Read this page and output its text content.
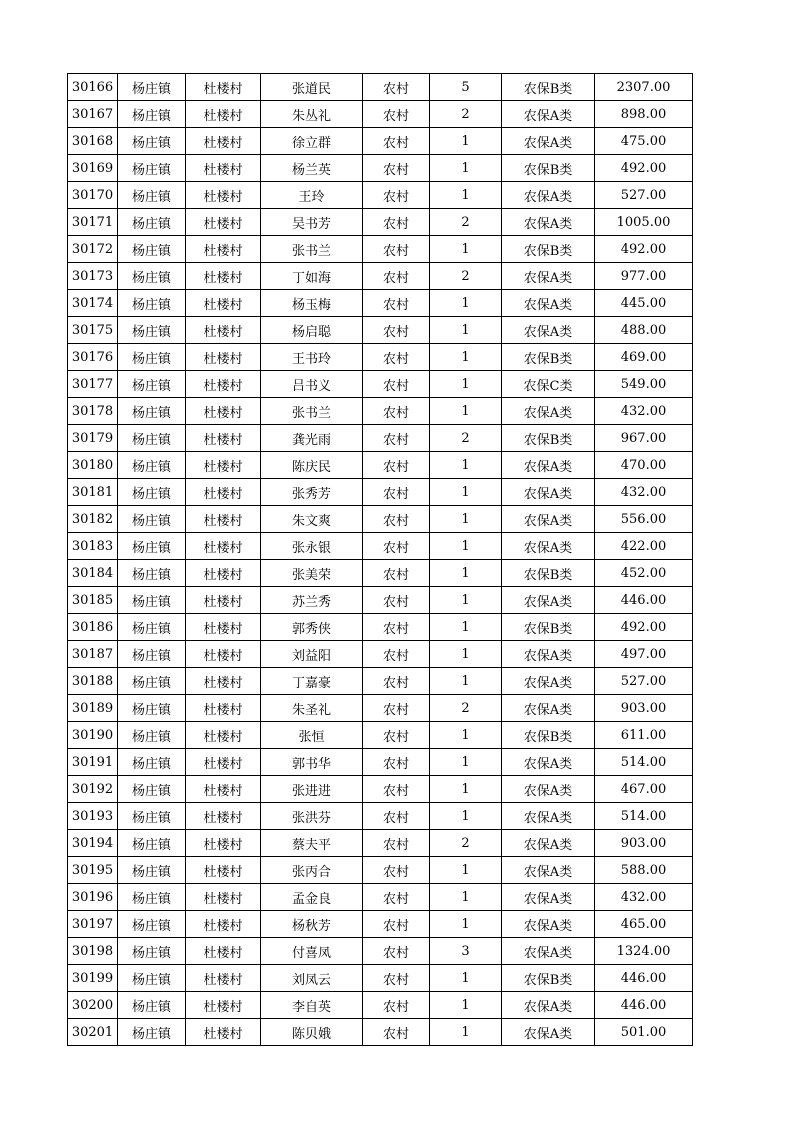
30166	杨庄镇	杜楼村	张道民	农村	5	农保B类	2307.00
30167	杨庄镇	杜楼村	朱丛礼	农村	2	农保A类	898.00
30168	杨庄镇	杜楼村	徐立群	农村	1	农保A类	475.00
30169	杨庄镇	杜楼村	杨兰英	农村	1	农保B类	492.00
30170	杨庄镇	杜楼村	王玲	农村	1	农保A类	527.00
30171	杨庄镇	杜楼村	吴书芳	农村	2	农保A类	1005.00
30172	杨庄镇	杜楼村	张书兰	农村	1	农保B类	492.00
30173	杨庄镇	杜楼村	丁如海	农村	2	农保A类	977.00
30174	杨庄镇	杜楼村	杨玉梅	农村	1	农保A类	445.00
30175	杨庄镇	杜楼村	杨启聪	农村	1	农保A类	488.00
30176	杨庄镇	杜楼村	王书玲	农村	1	农保B类	469.00
30177	杨庄镇	杜楼村	吕书义	农村	1	农保C类	549.00
30178	杨庄镇	杜楼村	张书兰	农村	1	农保A类	432.00
30179	杨庄镇	杜楼村	龚光雨	农村	2	农保B类	967.00
30180	杨庄镇	杜楼村	陈庆民	农村	1	农保A类	470.00
30181	杨庄镇	杜楼村	张秀芳	农村	1	农保A类	432.00
30182	杨庄镇	杜楼村	朱文爽	农村	1	农保A类	556.00
30183	杨庄镇	杜楼村	张永银	农村	1	农保A类	422.00
30184	杨庄镇	杜楼村	张美荣	农村	1	农保B类	452.00
30185	杨庄镇	杜楼村	苏兰秀	农村	1	农保A类	446.00
30186	杨庄镇	杜楼村	郭秀侠	农村	1	农保B类	492.00
30187	杨庄镇	杜楼村	刘益阳	农村	1	农保A类	497.00
30188	杨庄镇	杜楼村	丁嘉豪	农村	1	农保A类	527.00
30189	杨庄镇	杜楼村	朱圣礼	农村	2	农保A类	903.00
30190	杨庄镇	杜楼村	张恒	农村	1	农保B类	611.00
30191	杨庄镇	杜楼村	郭书华	农村	1	农保A类	514.00
30192	杨庄镇	杜楼村	张进进	农村	1	农保A类	467.00
30193	杨庄镇	杜楼村	张洪芬	农村	1	农保A类	514.00
30194	杨庄镇	杜楼村	蔡夫平	农村	2	农保A类	903.00
30195	杨庄镇	杜楼村	张丙合	农村	1	农保A类	588.00
30196	杨庄镇	杜楼村	孟金良	农村	1	农保A类	432.00
30197	杨庄镇	杜楼村	杨秋芳	农村	1	农保A类	465.00
30198	杨庄镇	杜楼村	付喜凤	农村	3	农保A类	1324.00
30199	杨庄镇	杜楼村	刘凤云	农村	1	农保B类	446.00
30200	杨庄镇	杜楼村	李自英	农村	1	农保A类	446.00
30201	杨庄镇	杜楼村	陈贝娥	农村	1	农保A类	501.00
